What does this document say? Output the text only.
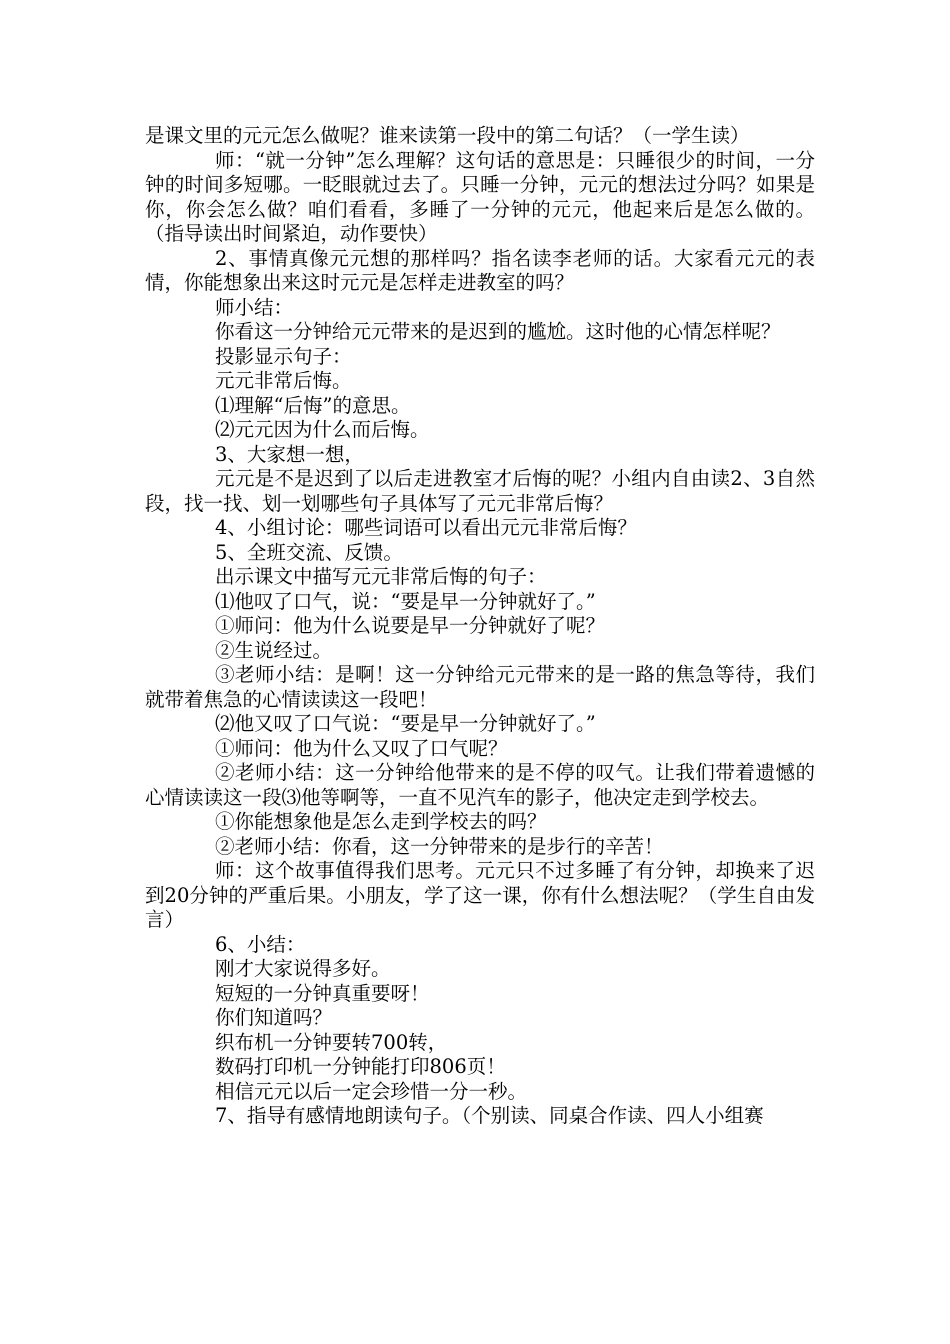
是课文里的元元怎么做呢？谁来读第一段中的第二句话？（一学生读）

师：“就一分钟”怎么理解？这句话的意思是：只睡很少的时间，一分钟的时间多短哪。一眨眼就过去了。只睡一分钟，元元的想法过分吗？如果是你，你会怎么做？咱们看看，多睡了一分钟的元元，他起来后是怎么做的。（指导读出时间紧迫，动作要快）

2、事情真像元元想的那样吗？指名读李老师的话。大家看元元的表情，你能想象出来这时元元是怎样走进教室的吗？

师小结：

你看这一分钟给元元带来的是迟到的尴尬。这时他的心情怎样呢？

投影显示句子：

元元非常后悔。

⑴理解“后悔”的意思。

⑵元元因为什么而后悔。

3、大家想一想，

元元是不是迟到了以后走进教室才后悔的呢？小组内自由读2、3自然段，找一找、划一划哪些句子具体写了元元非常后悔？

4、小组讨论：哪些词语可以看出元元非常后悔？

5、全班交流、反馈。

出示课文中描写元元非常后悔的句子：

⑴他叹了口气，说：“要是早一分钟就好了。”

①师问：他为什么说要是早一分钟就好了呢？

②生说经过。

③老师小结：是啊！这一分钟给元元带来的是一路的焦急等待，我们就带着焦急的心情读读这一段吧！

⑵他又叹了口气说：“要是早一分钟就好了。”

①师问：他为什么又叹了口气呢？

②老师小结：这一分钟给他带来的是不停的叹气。让我们带着遗憾的心情读读这一段⑶他等啊等，一直不见汽车的影子，他决定走到学校去。

①你能想象他是怎么走到学校去的吗？

②老师小结：你看，这一分钟带来的是步行的辛苦！

师：这个故事值得我们思考。元元只不过多睡了有分钟，却换来了迟到20分钟的严重后果。小朋友，学了这一课，你有什么想法呢？（学生自由发言）

6、小结：

刚才大家说得多好。

短短的一分钟真重要呀！

你们知道吗？

织布机一分钟要转700转，

数码打印机一分钟能打印806页！

相信元元以后一定会珍惜一分一秒。

7、指导有感情地朗读句子。（个别读、同桌合作读、四人小组赛
